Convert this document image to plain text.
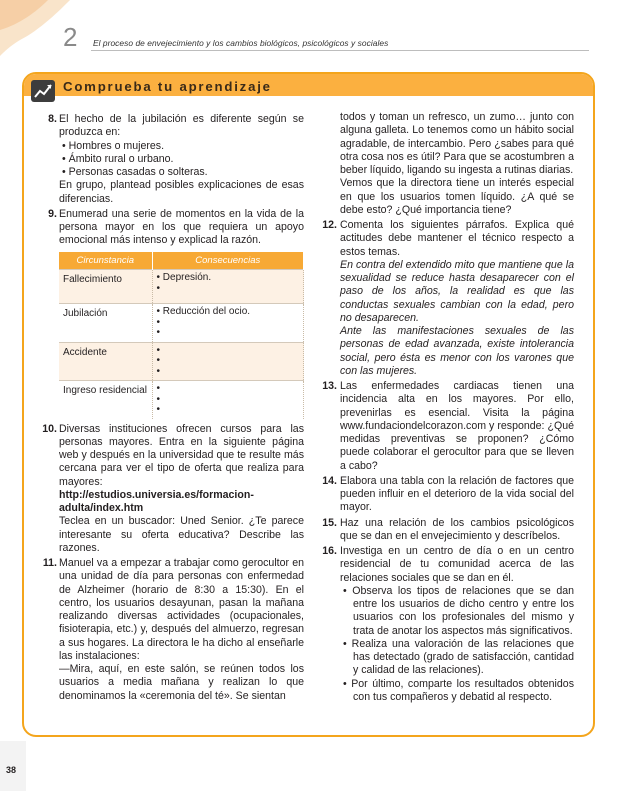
2 El proceso de envejecimiento y los cambios biológicos, psicológicos y sociales
Comprueba tu aprendizaje
8. El hecho de la jubilación es diferente según se produzca en:
• Hombres o mujeres.
• Ámbito rural o urbano.
• Personas casadas o solteras.
En grupo, plantead posibles explicaciones de esas diferencias.
9. Enumerad una serie de momentos en la vida de la persona mayor en los que requiera un apoyo emocional más intenso y explicad la razón.
Circunstancia	Consecuencias
Fallecimiento	• Depresión.
•

Jubilación	• Reducción del ocio.
•
•

Accidente	•
•
•

Ingreso residencial	•
•
•
10. Diversas instituciones ofrecen cursos para las personas mayores. Entra en la siguiente página web y después en la universidad que te resulte más cercana para ver el tipo de oferta que realiza para mayores:
http://estudios.universia.es/formacion-adulta/index.htm
Teclea en un buscador: Uned Senior. ¿Te parece interesante su oferta educativa? Describe las razones.
11. Manuel va a empezar a trabajar como gerocultor en una unidad de día para personas con enfermedad de Alzheimer (horario de 8:30 a 15:30). En el centro, los usuarios desayunan, pasan la mañana realizando diversas actividades (ocupacionales, fisioterapia, etc.) y, después del almuerzo, regresan a sus hogares. La directora le ha dicho al enseñarle las instalaciones:
—Mira, aquí, en este salón, se reúnen todos los usuarios a media mañana y realizan lo que denominamos la «ceremonia del té». Se sientan
todos y toman un refresco, un zumo… junto con alguna galleta. Lo tenemos como un hábito social agradable, de intercambio. Pero ¿sabes para qué otra cosa nos es útil? Para que se acostumbren a beber líquido, ligando su ingesta a rutinas diarias.
Vemos que la directora tiene un interés especial en que los usuarios tomen líquido. ¿A qué se debe esto? ¿Qué importancia tiene?
12. Comenta los siguientes párrafos. Explica qué actitudes debe mantener el técnico respecto a estos temas.
En contra del extendido mito que mantiene que la sexualidad se reduce hasta desaparecer con el paso de los años, la realidad es que las conductas sexuales cambian con la edad, pero no desaparecen.
Ante las manifestaciones sexuales de las personas de edad avanzada, existe intolerancia social, pero ésta es menor con los varones que con las mujeres.
13. Las enfermedades cardiacas tienen una incidencia alta en los mayores. Por ello, prevenirlas es esencial. Visita la página www.fundaciondelcorazon.com y responde: ¿Qué medidas preventivas se proponen? ¿Cómo puede colaborar el gerocultor para que se lleven a cabo?
14. Elabora una tabla con la relación de factores que pueden influir en el deterioro de la vida social del mayor.
15. Haz una relación de los cambios psicológicos que se dan en el envejecimiento y descríbelos.
16. Investiga en un centro de día o en un centro residencial de tu comunidad acerca de las relaciones sociales que se dan en él.
• Observa los tipos de relaciones que se dan entre los usuarios de dicho centro y entre los usuarios con los profesionales del mismo y trata de anotar los aspectos más significativos.
• Realiza una valoración de las relaciones que has detectado (grado de satisfacción, cantidad y calidad de las relaciones).
• Por último, comparte los resultados obtenidos con tus compañeros y debatid al respecto.
38
